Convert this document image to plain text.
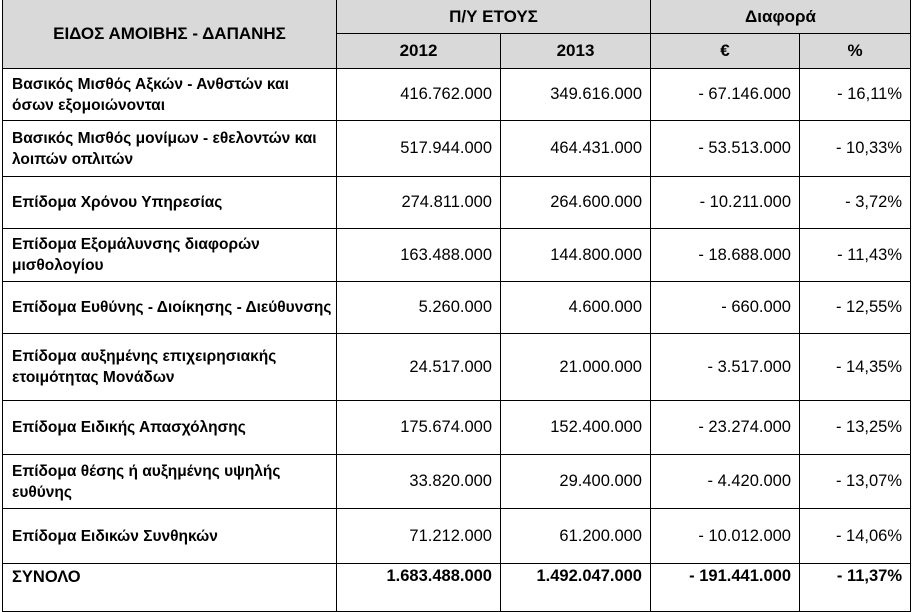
ΕΙΔΟΣ ΑΜΟΙΒΗΣ - ΔΑΠΑΝΗΣ	Π/Υ ΕΤΟΥΣ		Διαφορά	
	2012	2013	€	%
Βασικός Μισθός Αξκών - Ανθστών και όσων εξομοιώνονται	416.762.000	349.616.000	- 67.146.000	- 16,11%
Βασικός Μισθός μονίμων - εθελοντών και λοιπών οπλιτών	517.944.000	464.431.000	- 53.513.000	- 10,33%
Επίδομα Χρόνου Υπηρεσίας	274.811.000	264.600.000	- 10.211.000	- 3,72%
Επίδομα Εξομάλυνσης διαφορών μισθολογίου	163.488.000	144.800.000	- 18.688.000	- 11,43%
Επίδομα Ευθύνης - Διοίκησης - Διεύθυνσης	5.260.000	4.600.000	- 660.000	- 12,55%
Επίδομα αυξημένης επιχειρησιακής ετοιμότητας Μονάδων	24.517.000	21.000.000	- 3.517.000	- 14,35%
Επίδομα Ειδικής Απασχόλησης	175.674.000	152.400.000	- 23.274.000	- 13,25%
Επίδομα θέσης ή αυξημένης υψηλής ευθύνης	33.820.000	29.400.000	- 4.420.000	- 13,07%
Επίδομα Ειδικών Συνθηκών	71.212.000	61.200.000	- 10.012.000	- 14,06%
ΣΥΝΟΛΟ	1.683.488.000	1.492.047.000	- 191.441.000	- 11,37%
